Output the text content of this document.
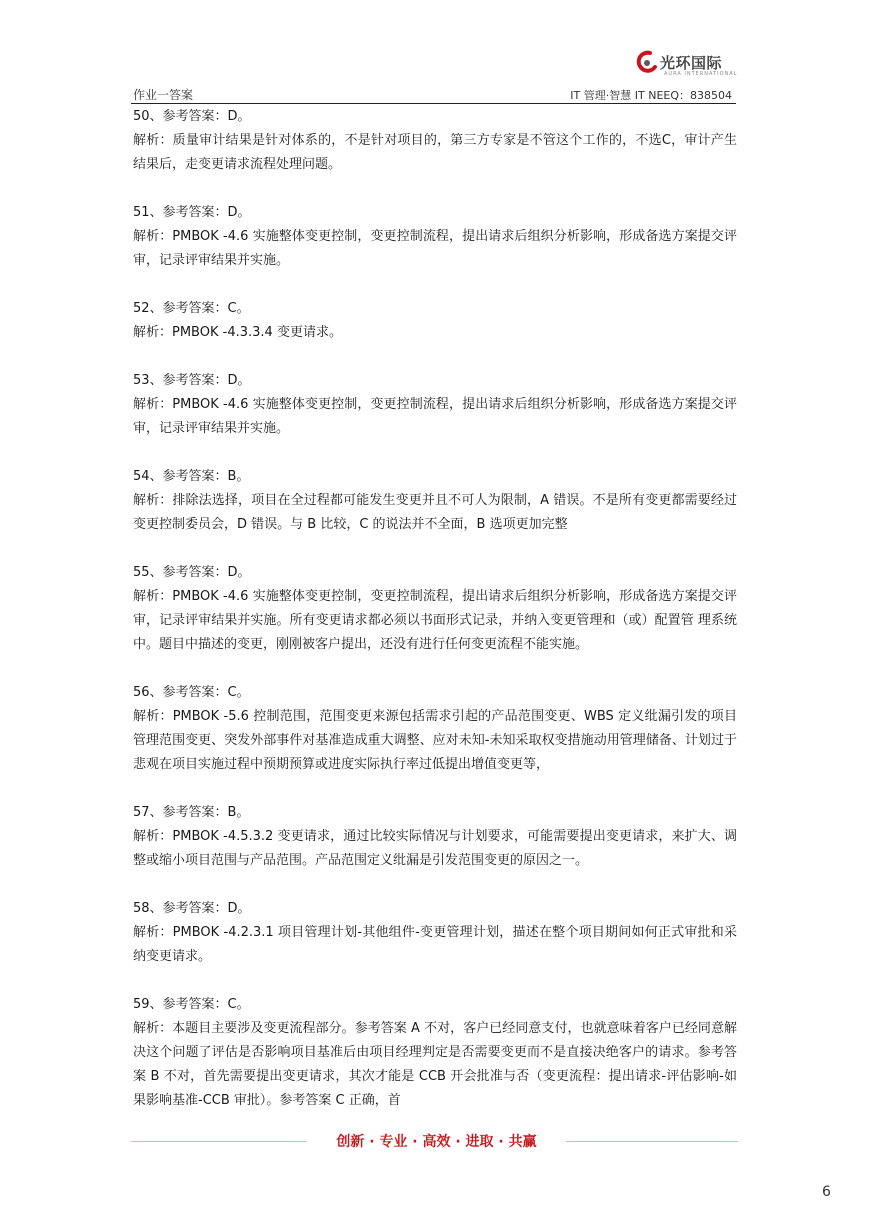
光环国际
AURA INTERNATIONAL
作业一答案	IT 管理·智慧 IT NEEQ：838504

50、参考答案：D。

解析：质量审计结果是针对体系的，不是针对项目的，第三方专家是不管这个工作的，不选C，审计产生结果后，走变更请求流程处理问题。

51、参考答案：D。

解析：PMBOK -4.6 实施整体变更控制，变更控制流程，提出请求后组织分析影响，形成备选方案提交评审，记录评审结果并实施。

52、参考答案：C。

解析：PMBOK -4.3.3.4 变更请求。

53、参考答案：D。

解析：PMBOK -4.6 实施整体变更控制，变更控制流程，提出请求后组织分析影响，形成备选方案提交评审，记录评审结果并实施。

54、参考答案：B。

解析：排除法选择，项目在全过程都可能发生变更并且不可人为限制，A 错误。不是所有变更都需要经过变更控制委员会，D 错误。与 B 比较，C 的说法并不全面，B 选项更加完整

55、参考答案：D。

解析：PMBOK -4.6 实施整体变更控制，变更控制流程，提出请求后组织分析影响，形成备选方案提交评审，记录评审结果并实施。所有变更请求都必须以书面形式记录，并纳入变更管理和（或）配置管 理系统中。题目中描述的变更，刚刚被客户提出，还没有进行任何变更流程不能实施。

56、参考答案：C。

解析：PMBOK -5.6 控制范围，范围变更来源包括需求引起的产品范围变更、WBS 定义纰漏引发的项目管理范围变更、突发外部事件对基准造成重大调整、应对未知-未知采取权变措施动用管理储备、计划过于悲观在项目实施过程中预期预算或进度实际执行率过低提出增值变更等，

57、参考答案：B。

解析：PMBOK -4.5.3.2 变更请求，通过比较实际情况与计划要求，可能需要提出变更请求，来扩大、调整或缩小项目范围与产品范围。产品范围定义纰漏是引发范围变更的原因之一。

58、参考答案：D。

解析：PMBOK -4.2.3.1 项目管理计划-其他组件-变更管理计划，描述在整个项目期间如何正式审批和采纳变更请求。

59、参考答案：C。

解析：本题目主要涉及变更流程部分。参考答案 A 不对，客户已经同意支付，也就意味着客户已经同意解决这个问题了评估是否影响项目基准后由项目经理判定是否需要变更而不是直接决绝客户的请求。参考答案 B 不对，首先需要提出变更请求，其次才能是 CCB 开会批准与否（变更流程：提出请求-评估影响-如果影响基准-CCB 审批）。参考答案 C 正确，首

创新 · 专业 · 高效 · 进取 · 共赢
6
